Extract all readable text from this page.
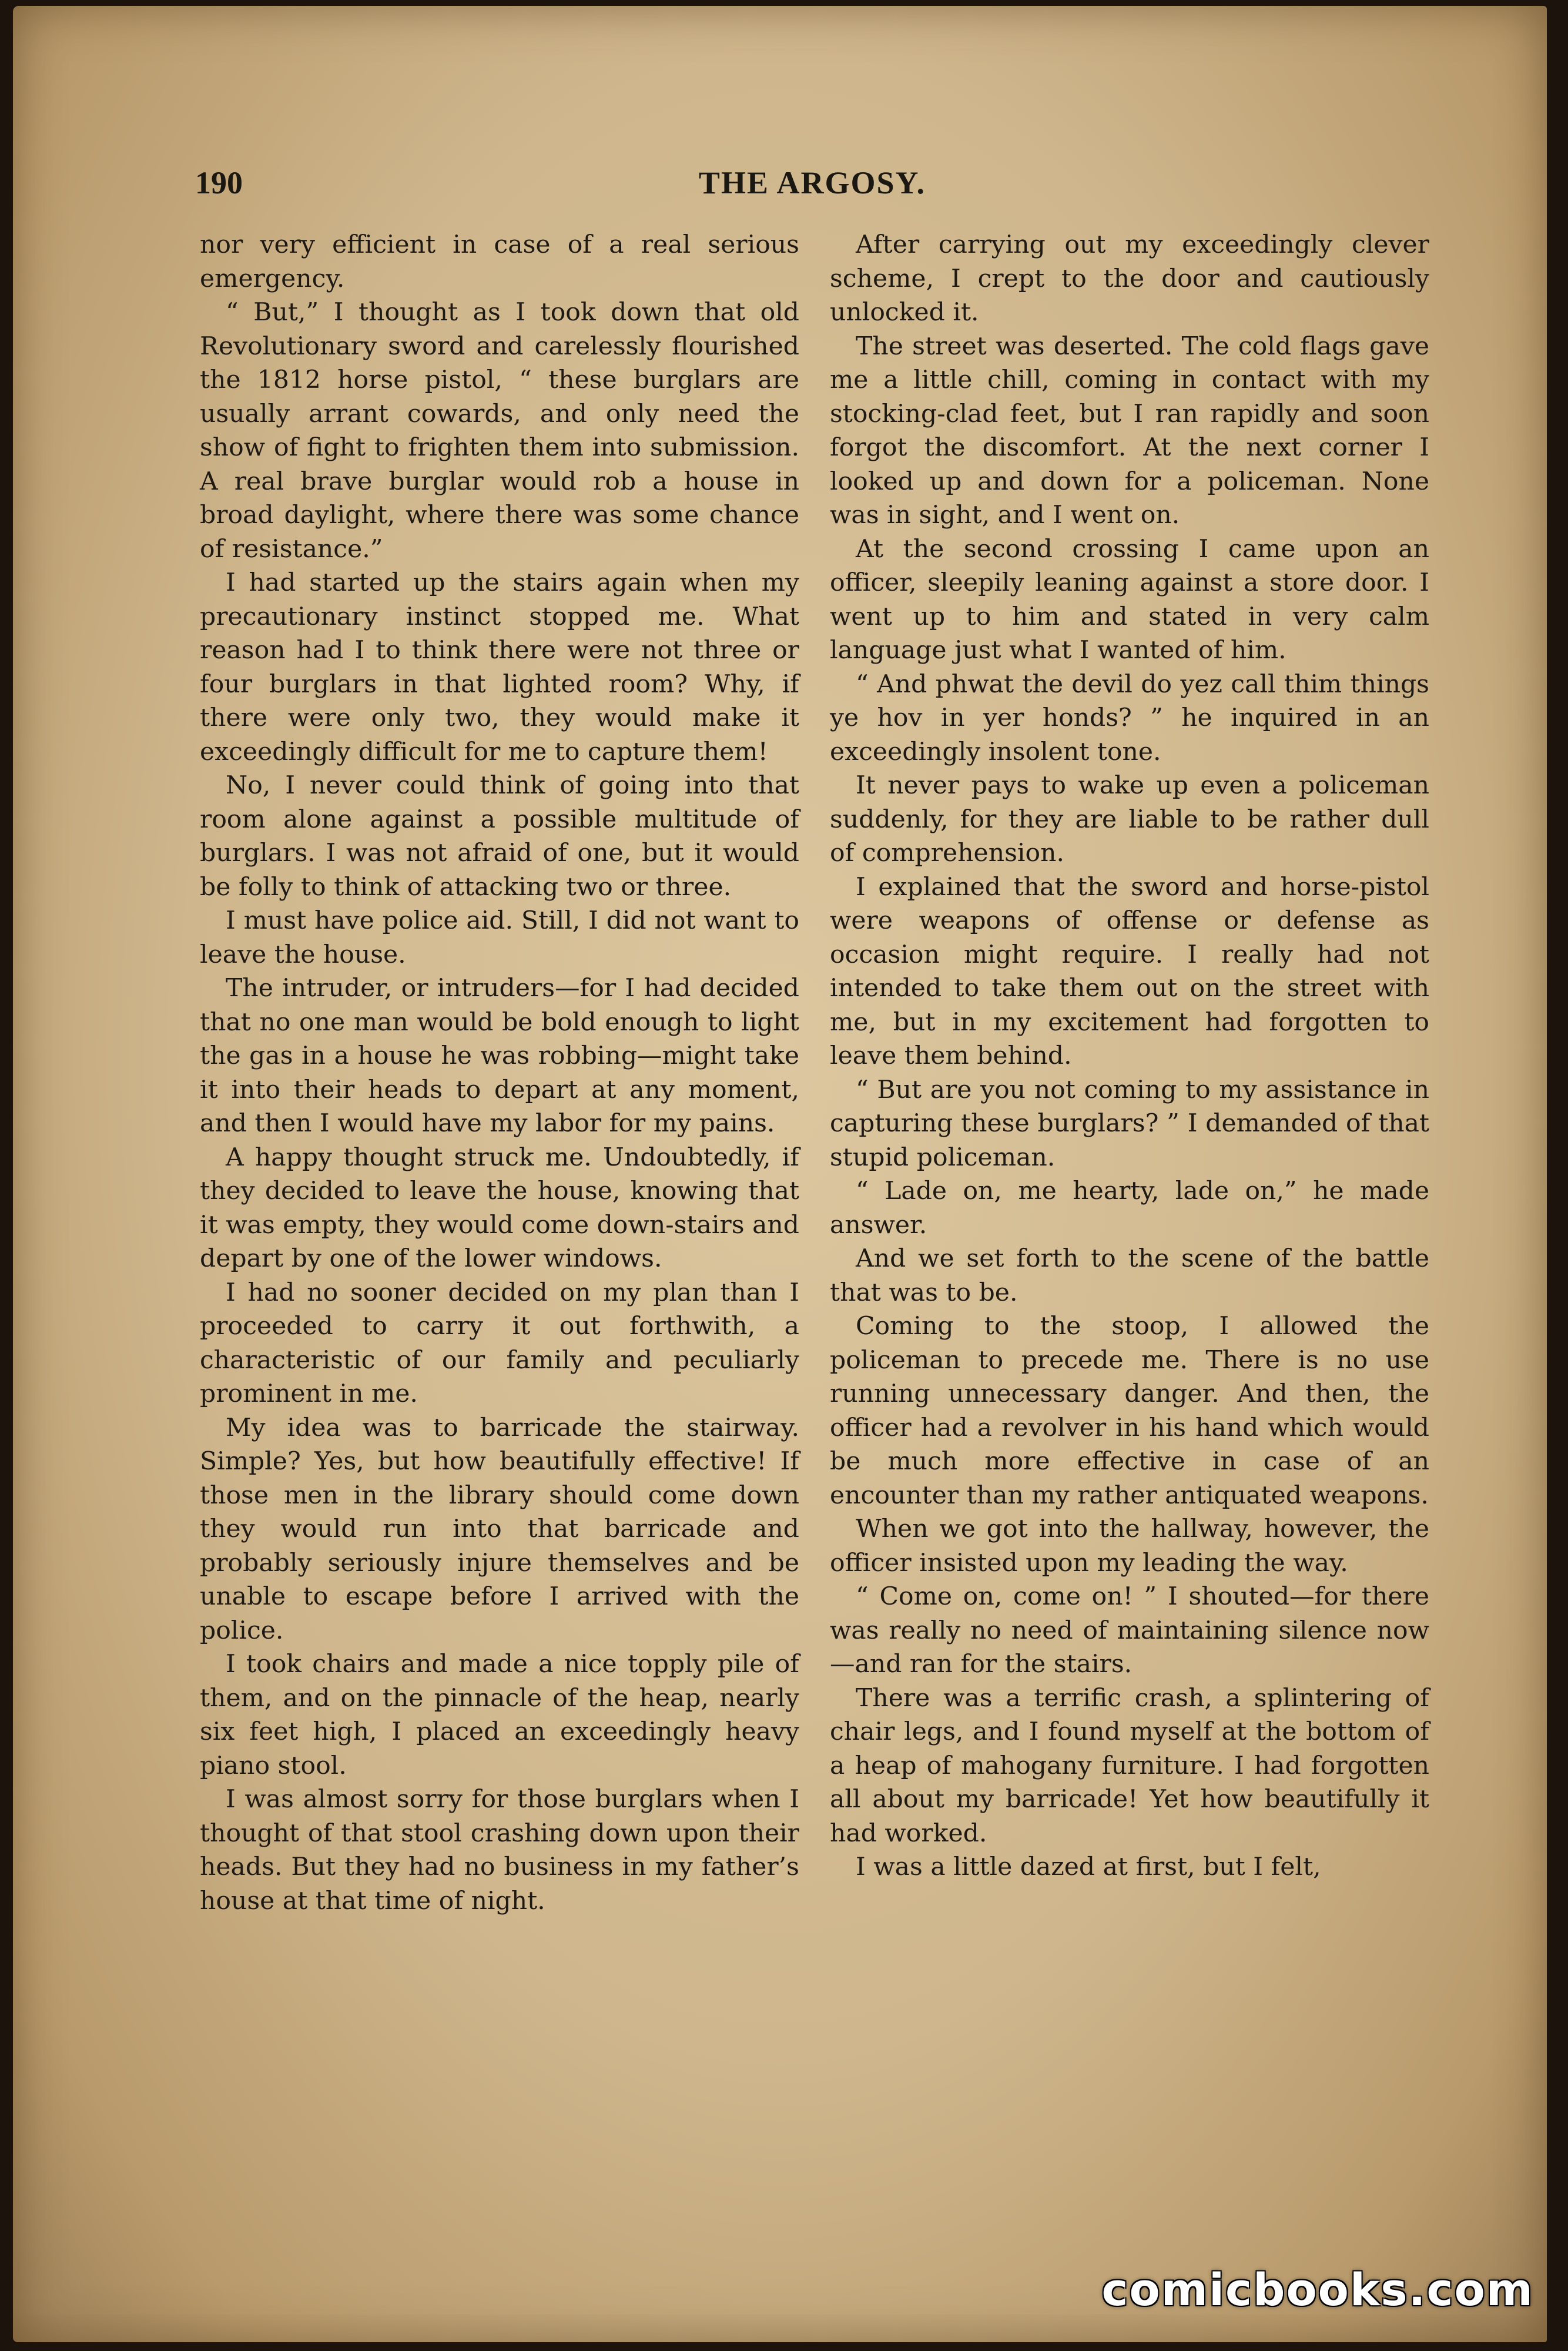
190	THE ARGOSY.

nor very efficient in case of a real serious emergency.

“ But,” I thought as I took down that old Revolutionary sword and carelessly flourished the 1812 horse pistol, “ these burglars are usually arrant cowards, and only need the show of fight to frighten them into submission. A real brave burglar would rob a house in broad daylight, where there was some chance of resistance.”

I had started up the stairs again when my precautionary instinct stopped me. What reason had I to think there were not three or four burglars in that lighted room? Why, if there were only two, they would make it exceedingly difficult for me to capture them!

No, I never could think of going into that room alone against a possible multitude of burglars. I was not afraid of one, but it would be folly to think of attacking two or three.

I must have police aid. Still, I did not want to leave the house.

The intruder, or intruders—for I had decided that no one man would be bold enough to light the gas in a house he was robbing—might take it into their heads to depart at any moment, and then I would have my labor for my pains.

A happy thought struck me. Undoubtedly, if they decided to leave the house, knowing that it was empty, they would come down-stairs and depart by one of the lower windows.

I had no sooner decided on my plan than I proceeded to carry it out forthwith, a characteristic of our family and peculiarly prominent in me.

My idea was to barricade the stairway. Simple? Yes, but how beautifully effective! If those men in the library should come down they would run into that barricade and probably seriously injure themselves and be unable to escape before I arrived with the police.

I took chairs and made a nice topply pile of them, and on the pinnacle of the heap, nearly six feet high, I placed an exceedingly heavy piano stool.

I was almost sorry for those burglars when I thought of that stool crashing down upon their heads. But they had no business in my father’s house at that time of night.

After carrying out my exceedingly clever scheme, I crept to the door and cautiously unlocked it.

The street was deserted. The cold flags gave me a little chill, coming in contact with my stocking-clad feet, but I ran rapidly and soon forgot the discomfort. At the next corner I looked up and down for a policeman. None was in sight, and I went on.

At the second crossing I came upon an officer, sleepily leaning against a store door. I went up to him and stated in very calm language just what I wanted of him.

“ And phwat the devil do yez call thim things ye hov in yer honds? ” he inquired in an exceedingly insolent tone.

It never pays to wake up even a policeman suddenly, for they are liable to be rather dull of comprehension.

I explained that the sword and horse-pistol were weapons of offense or defense as occasion might require. I really had not intended to take them out on the street with me, but in my excitement had forgotten to leave them behind.

“ But are you not coming to my assistance in capturing these burglars? ” I demanded of that stupid policeman.

“ Lade on, me hearty, lade on,” he made answer.

And we set forth to the scene of the battle that was to be.

Coming to the stoop, I allowed the policeman to precede me. There is no use running unnecessary danger. And then, the officer had a revolver in his hand which would be much more effective in case of an encounter than my rather antiquated weapons.

When we got into the hallway, however, the officer insisted upon my leading the way.

“ Come on, come on! ” I shouted—for there was really no need of maintaining silence now—and ran for the stairs.

There was a terrific crash, a splintering of chair legs, and I found myself at the bottom of a heap of mahogany furniture. I had forgotten all about my barricade! Yet how beautifully it had worked.

I was a little dazed at first, but I felt,

comicbooks.com
